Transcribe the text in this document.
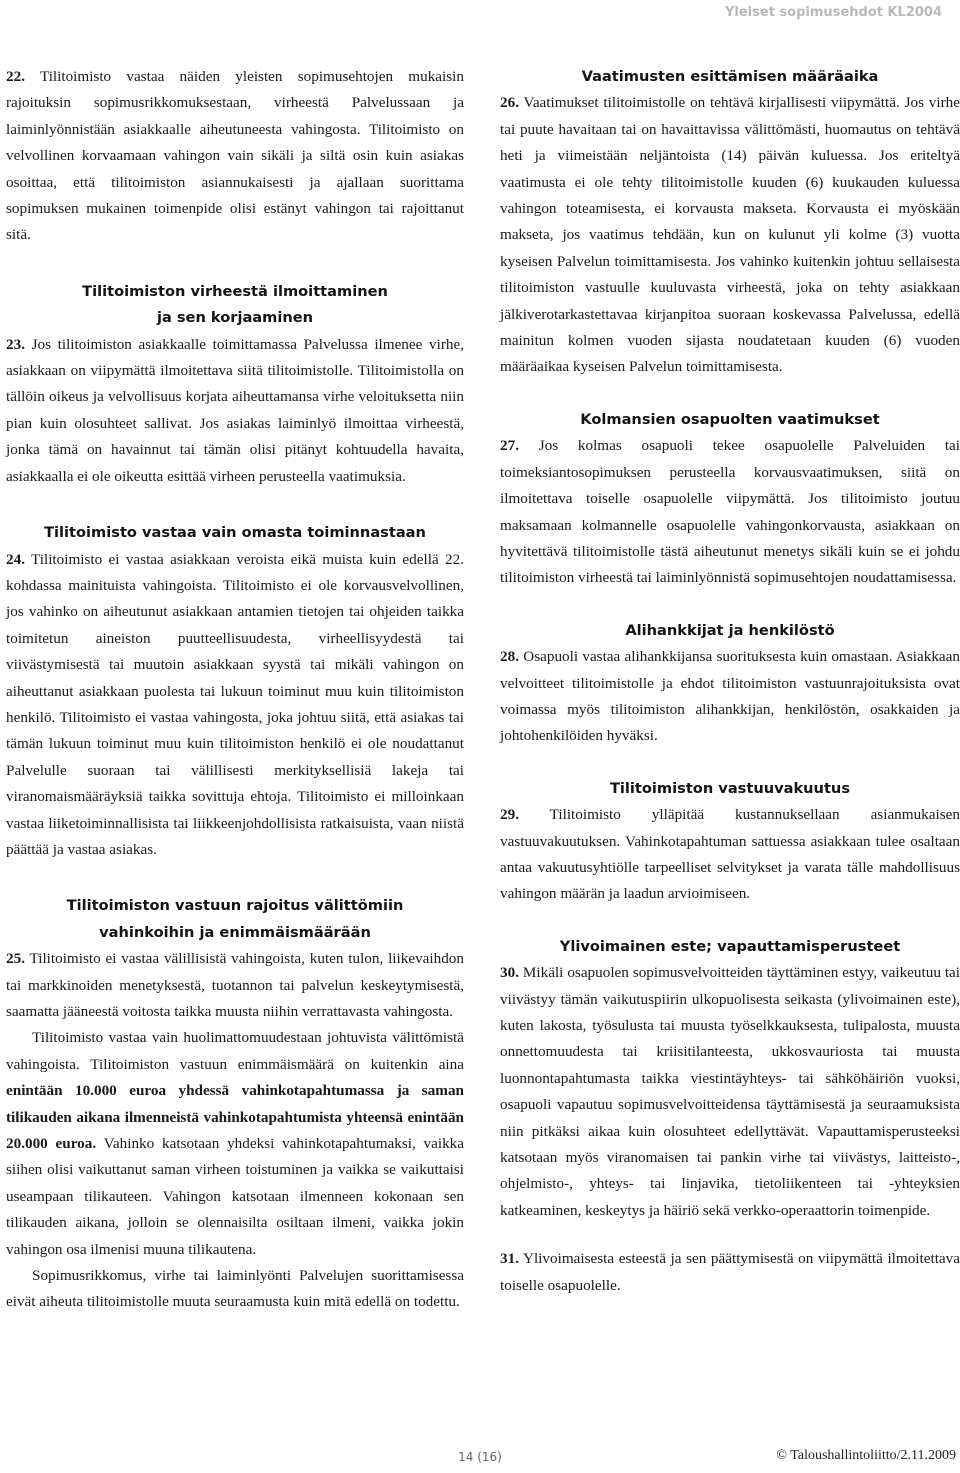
Yleiset sopimusehdot KL2004

22. Tilitoimisto vastaa näiden yleisten sopimusehtojen mukaisin rajoituksin sopimusrikkomuksestaan, virheestä Palvelussaan ja laiminlyönnistään asiakkaalle aiheutuneesta vahingosta. Tilitoimisto on velvollinen korvaamaan vahingon vain sikäli ja siltä osin kuin asiakas osoittaa, että tilitoimiston asiannukaisesti ja ajallaan suorittama sopimuksen mukainen toimenpide olisi estänyt vahingon tai rajoittanut sitä.

Tilitoimiston virheestä ilmoittaminen
ja sen korjaaminen

23. Jos tilitoimiston asiakkaalle toimittamassa Palvelussa ilmenee virhe, asiakkaan on viipymättä ilmoitettava siitä tilitoimistolle. Tilitoimistolla on tällöin oikeus ja velvollisuus korjata aiheuttamansa virhe veloituksetta niin pian kuin olosuhteet sallivat. Jos asiakas laiminlyö ilmoittaa virheestä, jonka tämä on havainnut tai tämän olisi pitänyt kohtuudella havaita, asiakkaalla ei ole oikeutta esittää virheen perusteella vaatimuksia.

Tilitoimisto vastaa vain omasta toiminnastaan

24. Tilitoimisto ei vastaa asiakkaan veroista eikä muista kuin edellä 22. kohdassa mainituista vahingoista. Tilitoimisto ei ole korvausvelvollinen, jos vahinko on aiheutunut asiakkaan antamien tietojen tai ohjeiden taikka toimitetun aineiston puutteellisuudesta, virheellisyydestä tai viivästymisestä tai muutoin asiakkaan syystä tai mikäli vahingon on aiheuttanut asiakkaan puolesta tai lukuun toiminut muu kuin tilitoimiston henkilö. Tilitoimisto ei vastaa vahingosta, joka johtuu siitä, että asiakas tai tämän lukuun toiminut muu kuin tilitoimiston henkilö ei ole noudattanut Palvelulle suoraan tai välillisesti merkityksellisiä lakeja tai viranomaismääräyksiä taikka sovittuja ehtoja. Tilitoimisto ei milloinkaan vastaa liiketoiminnallisista tai liikkeenjohdollisista ratkaisuista, vaan niistä päättää ja vastaa asiakas.

Tilitoimiston vastuun rajoitus välittömiin
vahinkoihin ja enimmäismäärään

25. Tilitoimisto ei vastaa välillisistä vahingoista, kuten tulon, liikevaihdon tai markkinoiden menetyksestä, tuotannon tai palvelun keskeytymisestä, saamatta jääneestä voitosta taikka muusta niihin verrattavasta vahingosta.

Tilitoimisto vastaa vain huolimattomuudestaan johtuvista välittömistä vahingoista. Tilitoimiston vastuun enimmäismäärä on kuitenkin aina enintään 10.000 euroa yhdessä vahinkotapahtumassa ja saman tilikauden aikana ilmenneistä vahinkotapahtumista yhteensä enintään 20.000 euroa. Vahinko katsotaan yhdeksi vahinkotapahtumaksi, vaikka siihen olisi vaikuttanut saman virheen toistuminen ja vaikka se vaikuttaisi useampaan tilikauteen. Vahingon katsotaan ilmenneen kokonaan sen tilikauden aikana, jolloin se olennaisilta osiltaan ilmeni, vaikka jokin vahingon osa ilmenisi muuna tilikautena.

Sopimusrikkomus, virhe tai laiminlyönti Palvelujen suorittamisessa eivät aiheuta tilitoimistolle muuta seuraamusta kuin mitä edellä on todettu.

Vaatimusten esittämisen määräaika

26. Vaatimukset tilitoimistolle on tehtävä kirjallisesti viipymättä. Jos virhe tai puute havaitaan tai on havaittavissa välittömästi, huomautus on tehtävä heti ja viimeistään neljäntoista (14) päivän kuluessa. Jos eriteltyä vaatimusta ei ole tehty tilitoimistolle kuuden (6) kuukauden kuluessa vahingon toteamisesta, ei korvausta makseta. Korvausta ei myöskään makseta, jos vaatimus tehdään, kun on kulunut yli kolme (3) vuotta kyseisen Palvelun toimittamisesta. Jos vahinko kuitenkin johtuu sellaisesta tilitoimiston vastuulle kuuluvasta virheestä, joka on tehty asiakkaan jälkiverotarkastettavaa kirjanpitoa suoraan koskevassa Palvelussa, edellä mainitun kolmen vuoden sijasta noudatetaan kuuden (6) vuoden määräaikaa kyseisen Palvelun toimittamisesta.

Kolmansien osapuolten vaatimukset

27. Jos kolmas osapuoli tekee osapuolelle Palveluiden tai toimeksiantosopimuksen perusteella korvausvaatimuksen, siitä on ilmoitettava toiselle osapuolelle viipymättä. Jos tilitoimisto joutuu maksamaan kolmannelle osapuolelle vahingonkorvausta, asiakkaan on hyvitettävä tilitoimistolle tästä aiheutunut menetys sikäli kuin se ei johdu tilitoimiston virheestä tai laiminlyönnistä sopimusehtojen noudattamisessa.

Alihankkijat ja henkilöstö

28. Osapuoli vastaa alihankkijansa suorituksesta kuin omastaan. Asiakkaan velvoitteet tilitoimistolle ja ehdot tilitoimiston vastuunrajoituksista ovat voimassa myös tilitoimiston alihankkijan, henkilöstön, osakkaiden ja johtohenkilöiden hyväksi.

Tilitoimiston vastuuvakuutus

29. Tilitoimisto ylläpitää kustannuksellaan asianmukaisen vastuuvakuutuksen. Vahinkotapahtuman sattuessa asiakkaan tulee osaltaan antaa vakuutusyhtiölle tarpeelliset selvitykset ja varata tälle mahdollisuus vahingon määrän ja laadun arvioimiseen.

Ylivoimainen este; vapauttamisperusteet

30. Mikäli osapuolen sopimusvelvoitteiden täyttäminen estyy, vaikeutuu tai viivästyy tämän vaikutuspiirin ulkopuolisesta seikasta (ylivoimainen este), kuten lakosta, työsulusta tai muusta työselkkauksesta, tulipalosta, muusta onnettomuudesta tai kriisitilanteesta, ukkosvauriosta tai muusta luonnontapahtumasta taikka viestintäyhteys- tai sähköhäiriön vuoksi, osapuoli vapautuu sopimusvelvoitteidensa täyttämisestä ja seuraamuksista niin pitkäksi aikaa kuin olosuhteet edellyttävät. Vapauttamisperusteeksi katsotaan myös viranomaisen tai pankin virhe tai viivästys, laitteisto-, ohjelmisto-, yhteys- tai linjavika, tietoliikenteen tai -yhteyksien katkeaminen, keskeytys ja häiriö sekä verkko-operaattorin toimenpide.

31. Ylivoimaisesta esteestä ja sen päättymisestä on viipymättä ilmoitettava toiselle osapuolelle.

14 (16)	© Taloushallintoliitto/2.11.2009
